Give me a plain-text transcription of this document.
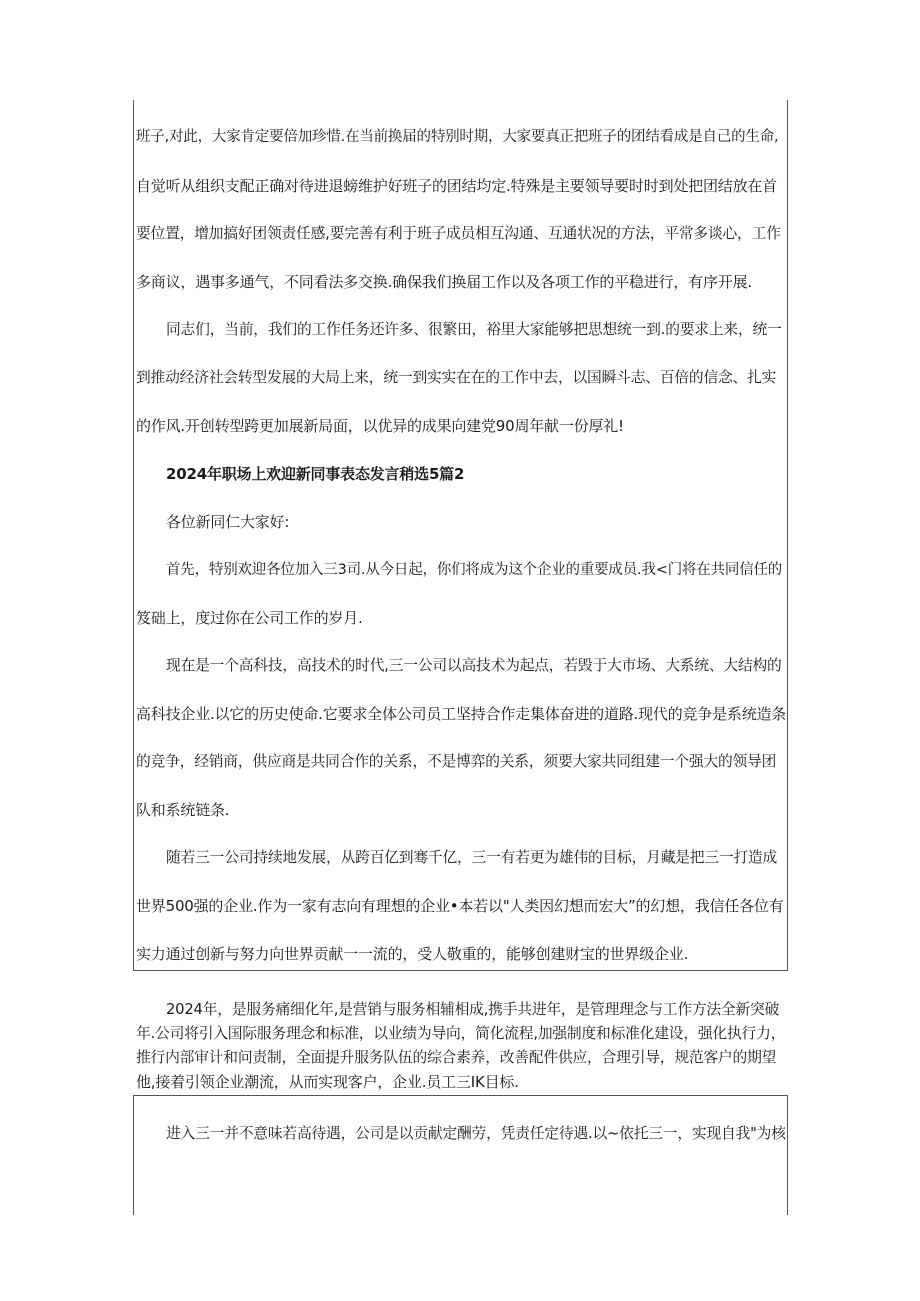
班子,对此，大家肯定要倍加珍惜.在当前换届的特别时期，大家要真正把班子的团结看成是自己的生命,
自觉听从组织支配正确对待进退螃维护好班子的团结均定.特殊是主要领导要时时到处把团结放在首
要位置，增加搞好团领责任感,要完善有利于班子成员相互沟通、互通状况的方法，平常多谈心，工作
多商议，遇事多通气，不同看法多交换.确保我们换届工作以及各项工作的平稳进行，有序开展.
同志们，当前，我们的工作任务还许多、很繁田，裕里大家能够把思想统一到.的要求上来，统一
到推动经济社会转型发展的大局上来，统一到实实在在的工作中去，以国瞬斗志、百倍的信念、扎实
的作风.开创转型跨更加展新局面，以优异的成果向建党90周年献一份厚礼!
2024年职场上欢迎新同事表态发言稍选5篇2
各位新同仁大家好:
首先，特别欢迎各位加入三3司.从今日起，你们将成为这个企业的重要成员.我<门将在共同信任的
笈础上，度过你在公司工作的岁月.
现在是一个高科技，高技术的时代,三一公司以高技术为起点，若毁于大市场、大系统、大结构的
高科技企业.以它的历史使命.它要求全体公司员工坚持合作走集体奋进的道路.现代的竞争是系统造条
的竞争，经销商，供应商是共同合作的关系，不是博弈的关系，须要大家共同组建一个强大的领导团
队和系统链条.
随若三一公司持续地发展，从跨百亿到骞千亿，三一有若更为雄伟的目标，月藏是把三一打造成
世界500强的企业.作为一家有志向有理想的企业•本若以"人类因幻想而宏大”的幻想，我信任各位有
实力通过创新与努力向世界贡献一一流的，受人敬重的，能够创建财宝的世界级企业.
2024年，是服务痛细化年,是营销与服务相辅相成,携手共进年，是管理理念与工作方法全新突破
年.公司将引入国际服务理念和标准，以业绩为导向，简化流程,加强制度和标准化建设，强化执行力，
推行内部审计和问责制，全面提升服务队伍的综合素养，改善配件供应，合理引导，规范客户的期望
他,接着引领企业潮流，从而实现客户，企业.员工三IK目标.
进入三一并不意味若高待遇，公司是以贡献定酬劳，凭责任定待遇.以~依托三一，实现自我"为核
